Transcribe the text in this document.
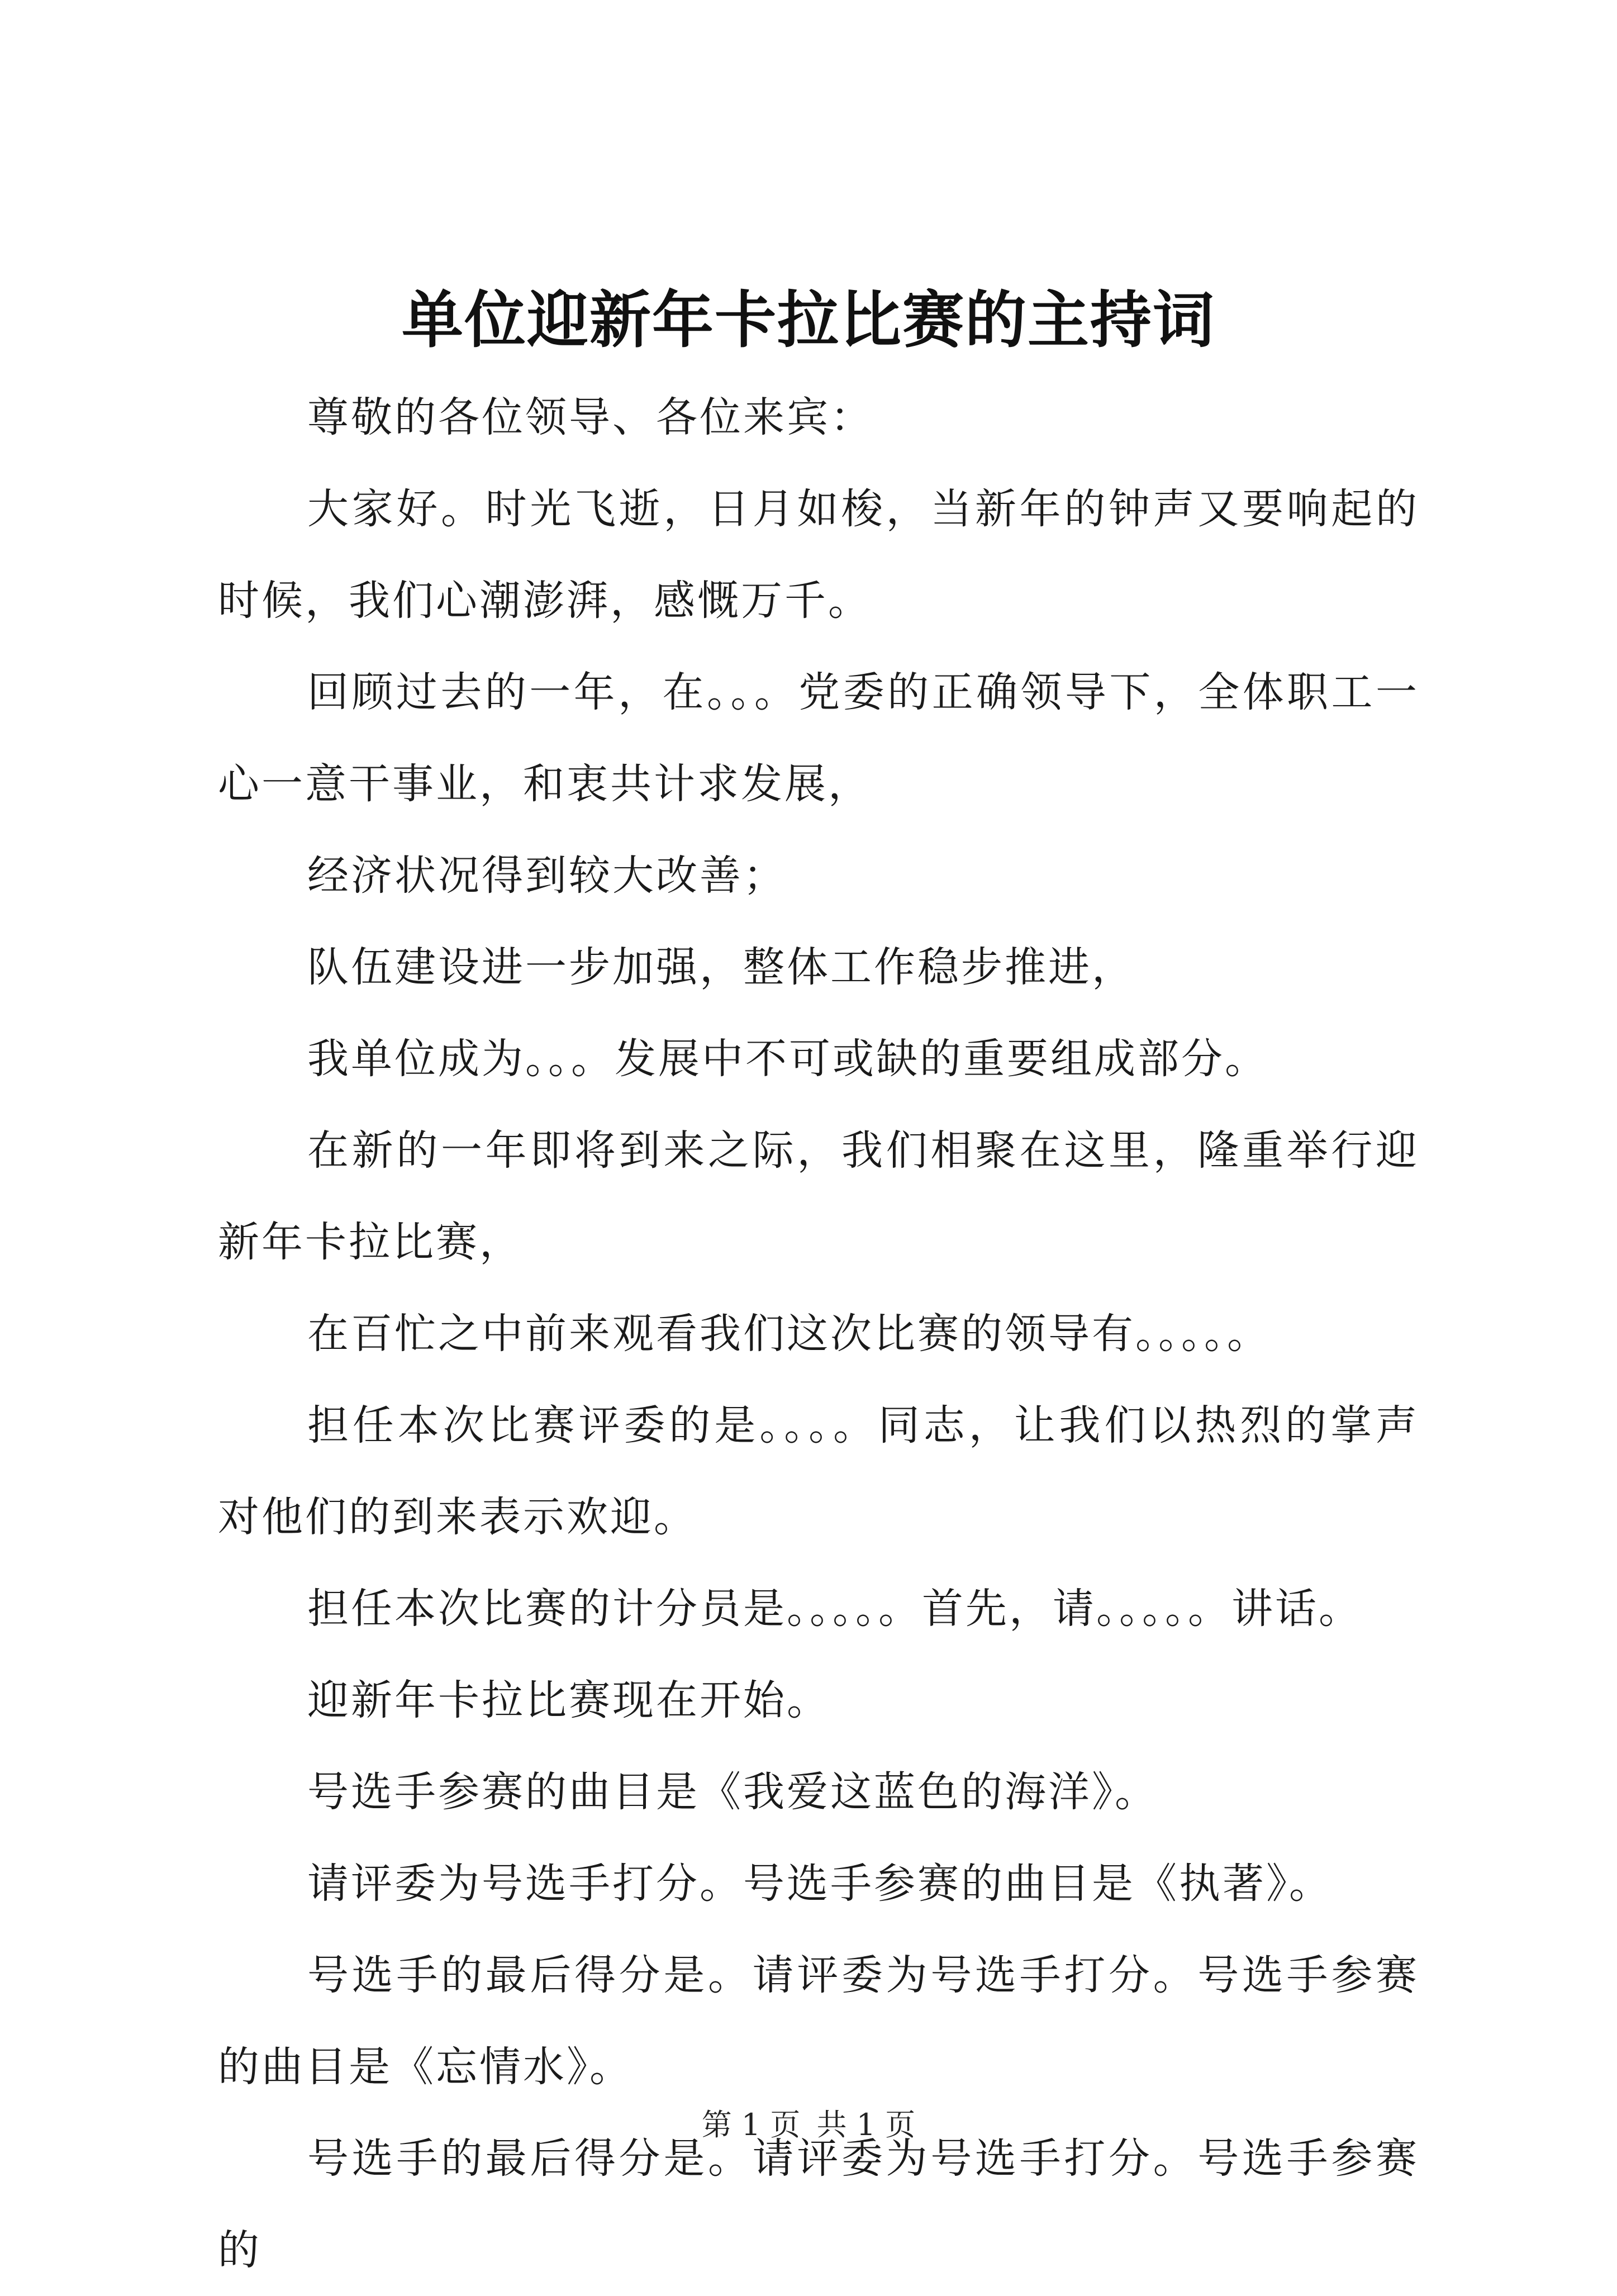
单位迎新年卡拉比赛的主持词

尊敬的各位领导、各位来宾：

大家好。时光飞逝，日月如梭，当新年的钟声又要响起的时候，我们心潮澎湃，感慨万千。

回顾过去的一年，在。。。党委的正确领导下，全体职工一心一意干事业，和衷共计求发展，

经济状况得到较大改善；

队伍建设进一步加强，整体工作稳步推进，

我单位成为。。。发展中不可或缺的重要组成部分。

在新的一年即将到来之际，我们相聚在这里，隆重举行迎新年卡拉比赛，

在百忙之中前来观看我们这次比赛的领导有。。。。。

担任本次比赛评委的是。。。。同志，让我们以热烈的掌声对他们的到来表示欢迎。

担任本次比赛的计分员是。。。。。首先，请。。。。。讲话。

迎新年卡拉比赛现在开始。

号选手参赛的曲目是《我爱这蓝色的海洋》。

请评委为号选手打分。号选手参赛的曲目是《执著》。

号选手的最后得分是。请评委为号选手打分。号选手参赛的曲目是《忘情水》。

号选手的最后得分是。请评委为号选手打分。号选手参赛的

第 1 页 共 1 页
